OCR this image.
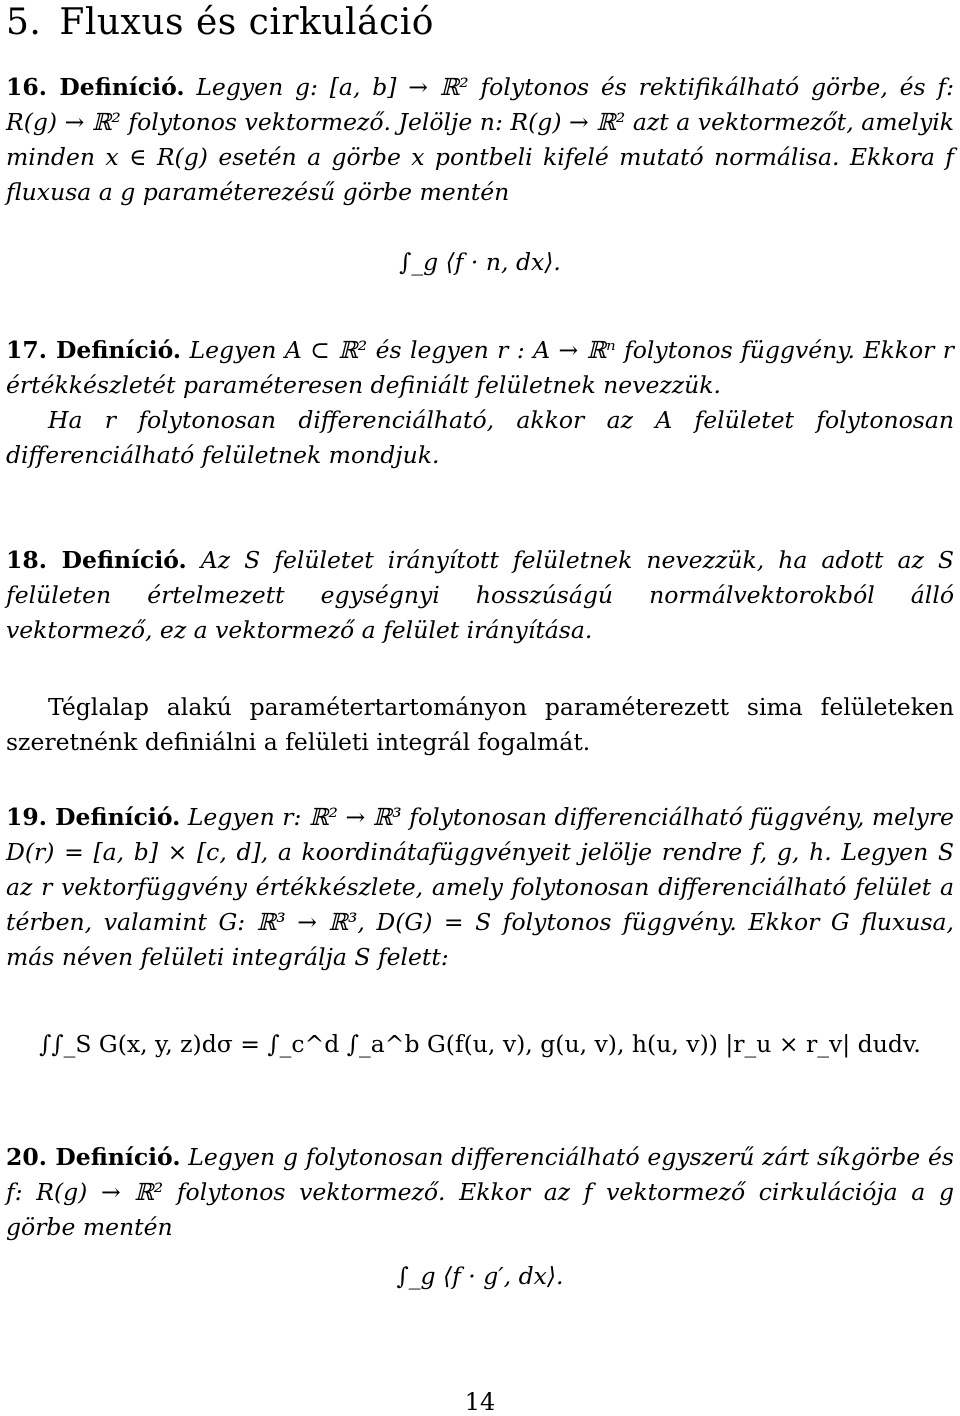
5. Fluxus és cirkuláció
16. Definíció. Legyen g: [a, b] → ℝ² folytonos és rektifikálható görbe, és f: R(g) → ℝ² folytonos vektormező. Jelölje n: R(g) → ℝ² azt a vektormezőt, amelyik minden x ∈ R(g) esetén a görbe x pontbeli kifelé mutató normálisa. Ekkora f fluxusa a g paraméterezésű görbe mentén
∫_g ⟨f · n, dx⟩.
17. Definíció. Legyen A ⊂ ℝ² és legyen r : A → ℝⁿ folytonos függvény. Ekkor r értékkészletét paraméteresen definiált felületnek nevezzük.
Ha r folytonosan differenciálható, akkor az A felületet folytonosan differenciálható felületnek mondjuk.
18. Definíció. Az S felületet irányított felületnek nevezzük, ha adott az S felületen értelmezett egységnyi hosszúságú normálvektorokból álló vektormező, ez a vektormező a felület irányítása.
Téglalap alakú paramétertartományon paraméterezett sima felületeken szeretnénk definiálni a felületi integrál fogalmát.
19. Definíció. Legyen r: ℝ² → ℝ³ folytonosan differenciálható függvény, melyre D(r) = [a, b] × [c, d], a koordinátafüggvényeit jelölje rendre f, g, h. Legyen S az r vektorfüggvény értékkészlete, amely folytonosan differenciálható felület a térben, valamint G: ℝ³ → ℝ³, D(G) = S folytonos függvény. Ekkor G fluxusa, más néven felületi integrálja S felett:
∫∫_S G(x, y, z)dσ = ∫_c^d ∫_a^b G(f(u, v), g(u, v), h(u, v)) |r_u × r_v| dudv.
20. Definíció. Legyen g folytonosan differenciálható egyszerű zárt síkgörbe és f: R(g) → ℝ² folytonos vektormező. Ekkor az f vektormező cirkulációja a g görbe mentén
∫_g ⟨f · g′, dx⟩.
14
